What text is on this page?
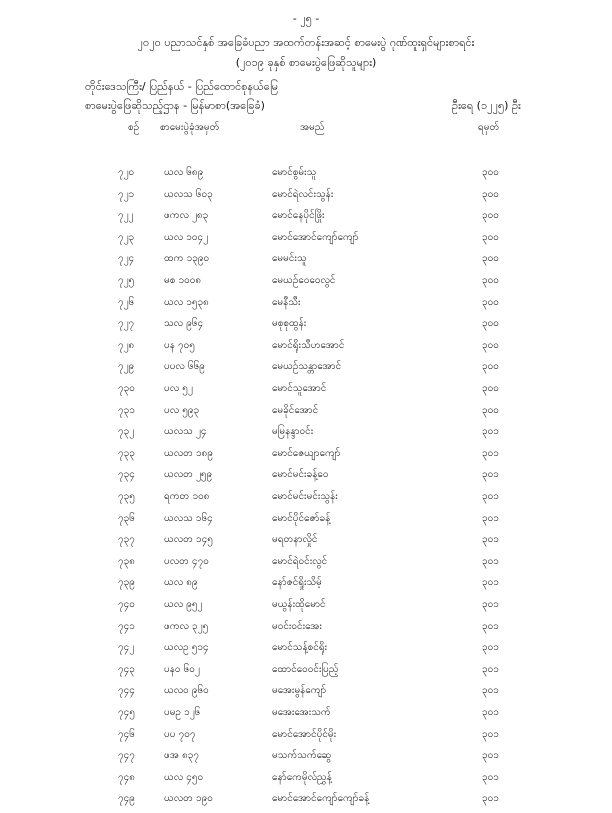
- ၂၅ -
၂၀၂၀ ပညာသင်နှစ် အခြေခံပညာ အထက်တန်းအဆင့် စာမေးပွဲ ဂုဏ်ထူးရှင်များစာရင်း
(၂၀၁၉ ခုနှစ် စာမေးပွဲဖြေဆိုသူများ)
တိုင်းဒေသကြီး/ ပြည်နယ် - ပြည်ထောင်စုနယ်မြေ
စာမေးပွဲဖြေဆိုသည့်ဌာန - မြန်မာစာ(အခြေခံ)	ဦးရေ (၁၂၂၅) ဦး
စဉ် စာမေးပွဲခုံအမှတ်	အမည်	ရမှတ်
၇၂၀	ယလ ၆၈၉	မောင်စွမ်းသူ	၃၀၀
၇၂၁	ယလသ ၆၀၃	မောင်ရဲလင်းသွန်း	၃၀၀
၇၂၂	ဖကလ ၂၈၃	မောင်နေပိုင်ဖြိုး	၃၀၀
၇၂၃	ယလ ၁၀၄၂	မောင်အောင်ကျော်ကျော်	၃၀၀
၇၂၄	ထက ၁၃၉၀	မေမင်းသူ	၃၀၀
၇၂၅	မစ ၁၀၀၈	မေယဉ်ဝေဝေလွင်	၃၀၀
၇၂၆	ယလ ၁၅၃၈	မေနီသီး	၃၀၀
၇၂၇	သလ ၉၆၄	မစုစုထွန်း	၃၀၀
၇၂၈	ပန ၇၀၅	မောင်ရိုးသီဟအောင်	၃၀၀
၇၂၉	ပပလ ၆၆၉	မေယဉ်သန္တာအောင်	၃၀၀
၇၃၀	ပလ ၅၂	မောင်သူအောင်	၃၀၀
၇၃၁	ပလ ၅၉၃	မေခိုင်အောင်	၃၀၀
၇၃၂	ယလသ ၂၄	မမြနန္ဒာဝင်း	၃၀၁
၇၃၃	ယလတ ၁၈၉	မောင်ဇေယျာကျော်	၃၀၁
၇၃၄	ယလတ ၂၅၉	မောင်မင်းခန့်ဝေ	၃၀၁
၇၃၅	ရကတ ၁၀၈	မောင်မင်းမင်းသွန်း	၃၀၁
၇၃၆	ယလသ ၁၆၄	မောင်ပိုင်ဇော်ခန့်	၃၀၁
၇၃၇	ယလတ ၁၄၅	မရတနာလှိုင်	၃၀၁
၇၃၈	ပလတ ၄၇၀	မောင်ရဲဝင်းလွင်	၃၀၁
၇၃၉	ယလ ၈၉	နော်ဇင်ရှိုးသိမ့်	၃၀၁
၇၄၀	ယလ ၉၅၂	မယွန်းထိုမောင်	၃၀၁
၇၄၁	ဖကလ ၃၂၅	မဝင်းဝင်းအေး	၃၀၁
၇၄၂	ယလဥ ၅၁၄	မောင်သန့်စင်ရိုး	၃၀၁
၇၄၃	ပနဝ ၆၀၂	ထောင်ဝေဝင်းပြည့်	၃၀၁
၇၄၄	ယလဝ ၉၆၀	မအေးမွန်ကျော်	၃၀၁
၇၄၅	ပမဥ ၁၂၆	မအေးအေးသက်	၃၀၁
၇၄၆	ပပ ၇၀၇	မောင်အောင်ပိုင်မိုး	၃၀၁
၇၄၇	ဖအ ၈၃၇	မသက်သက်ဆွေ	၃၀၁
၇၄၈	ယလ ၄၅၀	နော်ကေမိုလ်ညွှန့်	၃၀၁
၇၄၉	ယလတ ၁၉၀	မောင်အောင်ကျော်ကျော်ခန့်	၃၀၁
